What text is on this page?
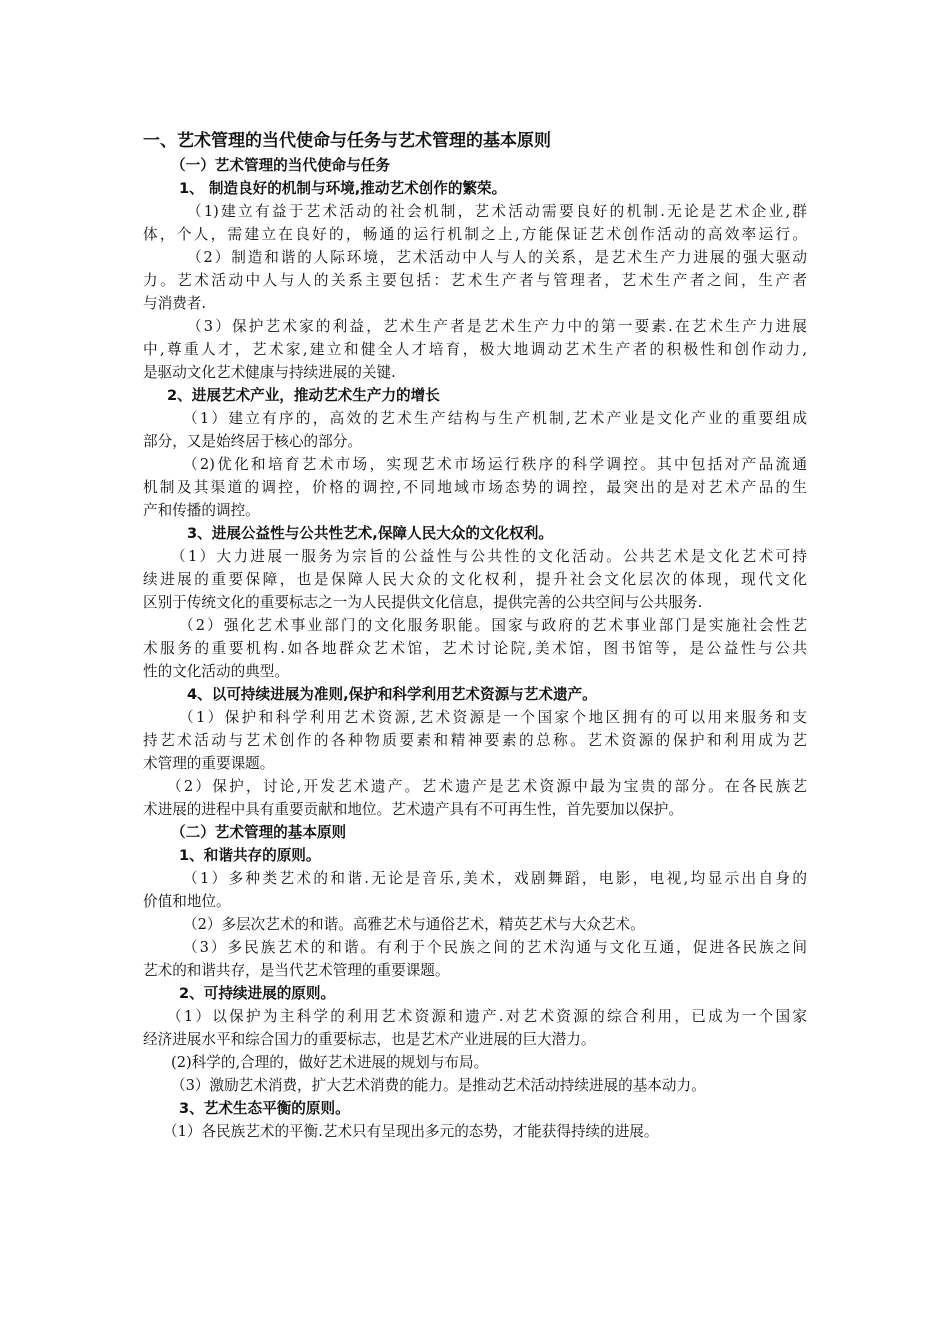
一、艺术管理的当代使命与任务与艺术管理的基本原则
（一）艺术管理的当代使命与任务
1、 制造良好的机制与环境,推动艺术创作的繁荣。
（1)建立有益于艺术活动的社会机制，艺术活动需要良好的机制.无论是艺术企业,群
体，个人，需建立在良好的，畅通的运行机制之上,方能保证艺术创作活动的高效率运行。
（2）制造和谐的人际环境，艺术活动中人与人的关系，是艺术生产力进展的强大驱动
力。艺术活动中人与人的关系主要包括：艺术生产者与管理者，艺术生产者之间，生产者
与消费者.
（3）保护艺术家的利益，艺术生产者是艺术生产力中的第一要素.在艺术生产力进展
中,尊重人才，艺术家,建立和健全人才培育，极大地调动艺术生产者的积极性和创作动力,
是驱动文化艺术健康与持续进展的关键.
2、进展艺术产业，推动艺术生产力的增长
（1）建立有序的，高效的艺术生产结构与生产机制,艺术产业是文化产业的重要组成
部分，又是始终居于核心的部分。
（2)优化和培育艺术市场，实现艺术市场运行秩序的科学调控。其中包括对产品流通
机制及其渠道的调控，价格的调控,不同地域市场态势的调控，最突出的是对艺术产品的生
产和传播的调控。
3、进展公益性与公共性艺术,保障人民大众的文化权利。
（1）大力进展一服务为宗旨的公益性与公共性的文化活动。公共艺术是文化艺术可持
续进展的重要保障，也是保障人民大众的文化权利，提升社会文化层次的体现，现代文化
区别于传统文化的重要标志之一为人民提供文化信息，提供完善的公共空间与公共服务.
（2）强化艺术事业部门的文化服务职能。国家与政府的艺术事业部门是实施社会性艺
术服务的重要机构.如各地群众艺术馆，艺术讨论院,美术馆，图书馆等，是公益性与公共
性的文化活动的典型。
4、以可持续进展为准则,保护和科学利用艺术资源与艺术遗产。
（1）保护和科学利用艺术资源,艺术资源是一个国家个地区拥有的可以用来服务和支
持艺术活动与艺术创作的各种物质要素和精神要素的总称。艺术资源的保护和利用成为艺
术管理的重要课题。
（2）保护，讨论,开发艺术遗产。艺术遗产是艺术资源中最为宝贵的部分。在各民族艺
术进展的进程中具有重要贡献和地位。艺术遗产具有不可再生性，首先要加以保护。
（二）艺术管理的基本原则
1、和谐共存的原则。
（1）多种类艺术的和谐.无论是音乐,美术，戏剧舞蹈，电影，电视,均显示出自身的
价值和地位。
（2）多层次艺术的和谐。高雅艺术与通俗艺术，精英艺术与大众艺术。
（3）多民族艺术的和谐。有利于个民族之间的艺术沟通与文化互通，促进各民族之间
艺术的和谐共存，是当代艺术管理的重要课题。
2、可持续进展的原则。
（1）以保护为主科学的利用艺术资源和遗产.对艺术资源的综合利用，已成为一个国家
经济进展水平和综合国力的重要标志，也是艺术产业进展的巨大潜力。
(2)科学的,合理的，做好艺术进展的规划与布局。
（3）激励艺术消费，扩大艺术消费的能力。是推动艺术活动持续进展的基本动力。
3、艺术生态平衡的原则。
（1）各民族艺术的平衡.艺术只有呈现出多元的态势，才能获得持续的进展。
